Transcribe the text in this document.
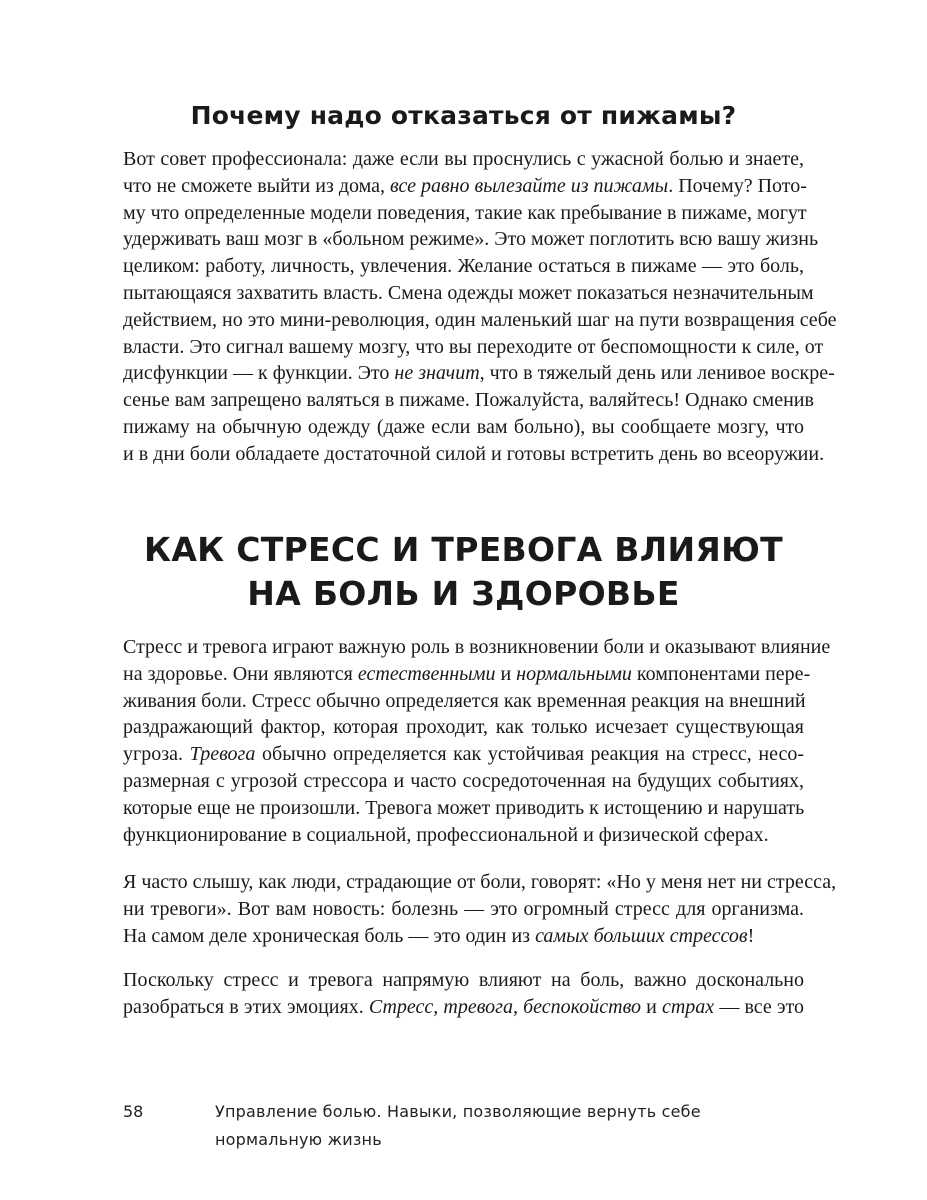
Почему надо отказаться от пижамы?
Вот совет профессионала: даже если вы проснулись с ужасной болью и знаете,
что не сможете выйти из дома, все равно вылезайте из пижамы. Почему? Пото-
му что определенные модели поведения, такие как пребывание в пижаме, могут
удерживать ваш мозг в «больном режиме». Это может поглотить всю вашу жизнь
целиком: работу, личность, увлечения. Желание остаться в пижаме — это боль,
пытающаяся захватить власть. Смена одежды может показаться незначительным
действием, но это мини-революция, один маленький шаг на пути возвращения себе
власти. Это сигнал вашему мозгу, что вы переходите от беспомощности к силе, от
дисфункции — к функции. Это не значит, что в тяжелый день или ленивое воскре-
сенье вам запрещено валяться в пижаме. Пожалуйста, валяйтесь! Однако сменив
пижаму на обычную одежду (даже если вам больно), вы сообщаете мозгу, что
и в дни боли обладаете достаточной силой и готовы встретить день во всеоружии.
КАК СТРЕСС И ТРЕВОГА ВЛИЯЮТ
НА БОЛЬ И ЗДОРОВЬЕ
Стресс и тревога играют важную роль в возникновении боли и оказывают влияние
на здоровье. Они являются естественными и нормальными компонентами пере-
живания боли. Стресс обычно определяется как временная реакция на внешний
раздражающий фактор, которая проходит, как только исчезает существующая
угроза. Тревога обычно определяется как устойчивая реакция на стресс, несо-
размерная с угрозой стрессора и часто сосредоточенная на будущих событиях,
которые еще не произошли. Тревога может приводить к истощению и нарушать
функционирование в социальной, профессиональной и физической сферах.
Я часто слышу, как люди, страдающие от боли, говорят: «Но у меня нет ни стресса,
ни тревоги». Вот вам новость: болезнь — это огромный стресс для организма.
На самом деле хроническая боль — это один из самых больших стрессов!
Поскольку стресс и тревога напрямую влияют на боль, важно досконально
разобраться в этих эмоциях. Стресс, тревога, беспокойство и страх — все это
58	Управление болью. Навыки, позволяющие вернуть себе нормальную жизнь
